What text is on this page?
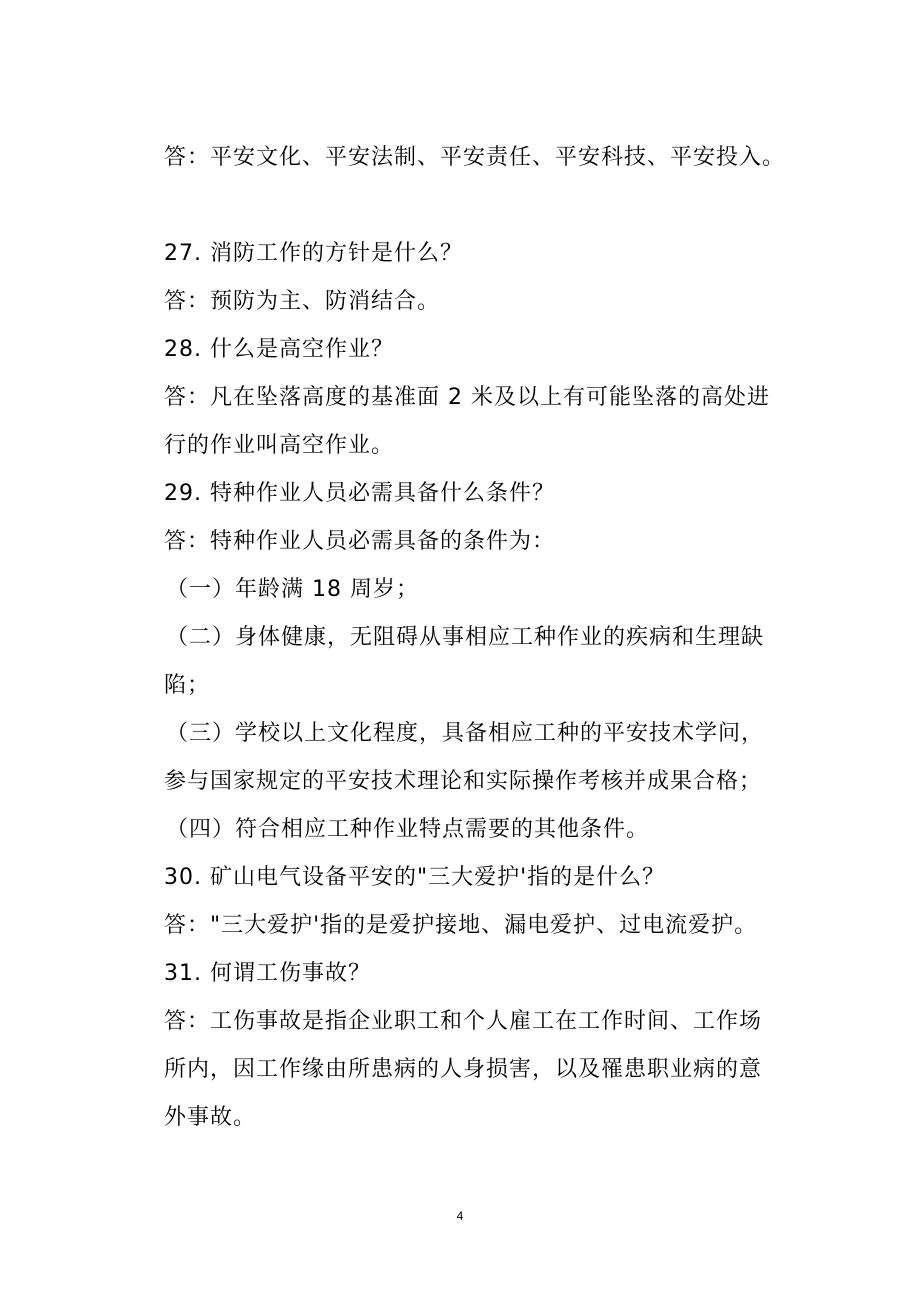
答：平安文化、平安法制、平安责任、平安科技、平安投入。
27. 消防工作的方针是什么？
答：预防为主、防消结合。
28. 什么是高空作业？
答：凡在坠落高度的基准面 2 米及以上有可能坠落的高处进
行的作业叫高空作业。
29. 特种作业人员必需具备什么条件？
答：特种作业人员必需具备的条件为：
（一）年龄满 18 周岁；
（二）身体健康，无阻碍从事相应工种作业的疾病和生理缺
陷；
（三）学校以上文化程度，具备相应工种的平安技术学问，
参与国家规定的平安技术理论和实际操作考核并成果合格；
（四）符合相应工种作业特点需要的其他条件。
30. 矿山电气设备平安的"三大爱护'指的是什么？
答："三大爱护'指的是爱护接地、漏电爱护、过电流爱护。
31. 何谓工伤事故？
答：工伤事故是指企业职工和个人雇工在工作时间、工作场
所内，因工作缘由所患病的人身损害，以及罹患职业病的意
外事故。
4
